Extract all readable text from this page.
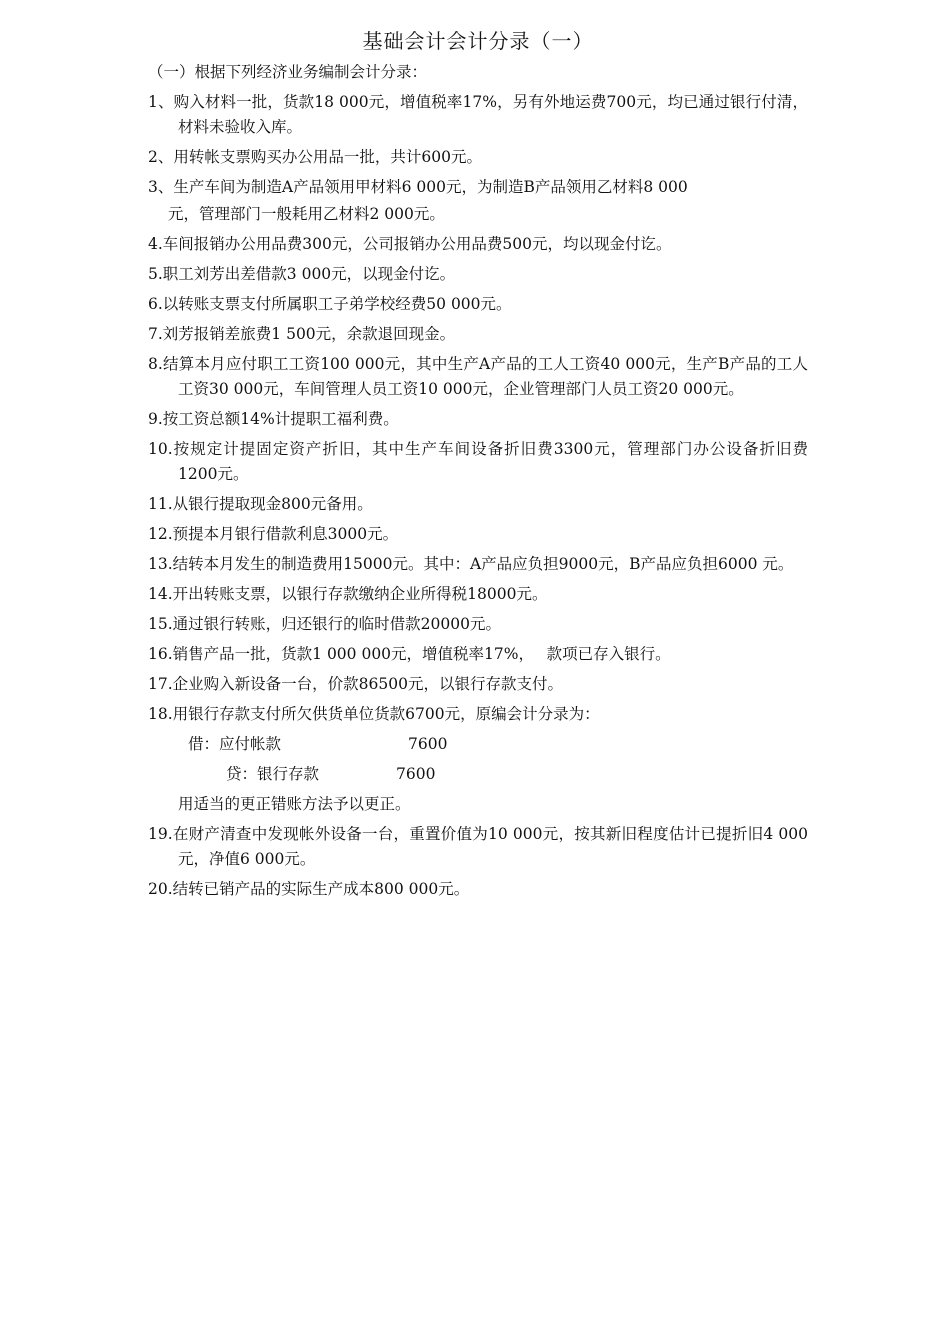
基础会计会计分录（一）
（一）根据下列经济业务编制会计分录：
1、购入材料一批，货款18 000元，增值税率17%，另有外地运费700元，均已通过银行付清，材料未验收入库。
2、用转帐支票购买办公用品一批，共计600元。
3、生产车间为制造A产品领用甲材料6 000元，为制造B产品领用乙材料8 000
元，管理部门一般耗用乙材料2 000元。
4.车间报销办公用品费300元，公司报销办公用品费500元，均以现金付讫。
5.职工刘芳出差借款3 000元，以现金付讫。
6.以转账支票支付所属职工子弟学校经费50 000元。
7.刘芳报销差旅费1 500元，余款退回现金。
8.结算本月应付职工工资100 000元，其中生产A产品的工人工资40 000元，生产B产品的工人工资30 000元，车间管理人员工资10 000元，企业管理部门人员工资20 000元。
9.按工资总额14%计提职工福利费。
10.按规定计提固定资产折旧，其中生产车间设备折旧费3300元，管理部门办公设备折旧费1200元。
11.从银行提取现金800元备用。
12.预提本月银行借款利息3000元。
13.结转本月发生的制造费用15000元。其中：A产品应负担9000元，B产品应负担6000 元。
14.开出转账支票，以银行存款缴纳企业所得税18000元。
15.通过银行转账，归还银行的临时借款20000元。
16.销售产品一批，货款1 000 000元，增值税率17%，　 款项已存入银行。
17.企业购入新设备一台，价款86500元，以银行存款支付。
18.用银行存款支付所欠供货单位货款6700元，原编会计分录为：
借：应付帐款	7600
贷：银行存款	7600
用适当的更正错账方法予以更正。
19.在财产清查中发现帐外设备一台，重置价值为10 000元，按其新旧程度估计已提折旧4 000元，净值6 000元。
20.结转已销产品的实际生产成本800 000元。
